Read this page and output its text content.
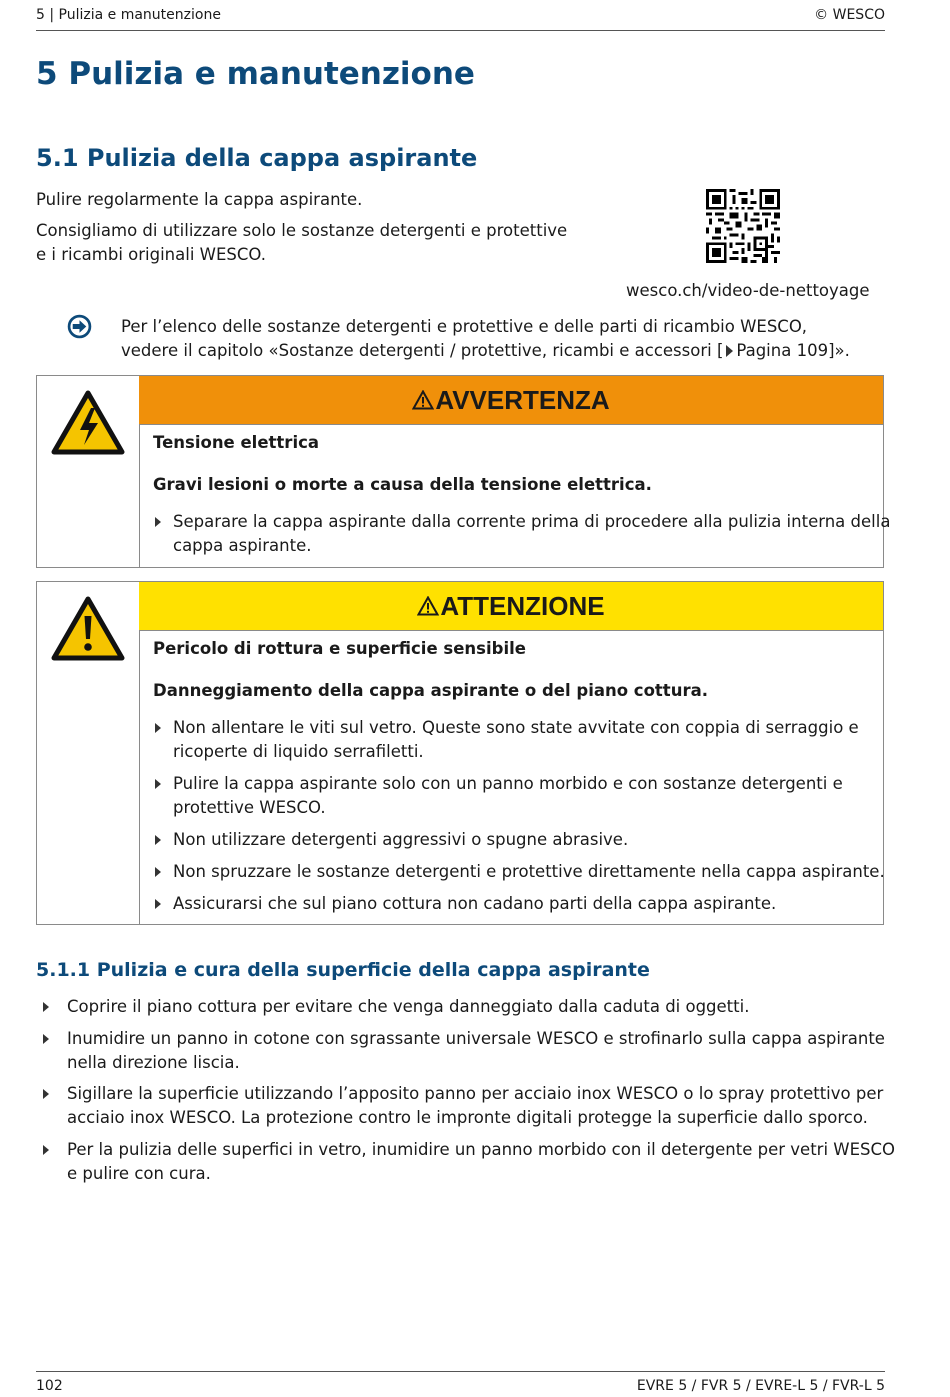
5 | Pulizia e manutenzione	© WESCO
5 Pulizia e manutenzione
5.1 Pulizia della cappa aspirante

Pulire regolarmente la cappa aspirante.

Consigliamo di utilizzare solo le sostanze detergenti e protettive e i ricambi originali WESCO.

wesco.ch/video-de-nettoyage
Per l’elenco delle sostanze detergenti e protettive e delle parti di ricambio WESCO, vedere il capitolo «Sostanze detergenti / protettive, ricambi e accessori [ Pagina 109]».
AVVERTENZA
Tensione elettrica
Gravi lesioni o morte a causa della tensione elettrica.
Separare la cappa aspirante dalla corrente prima di procedere alla pulizia interna della cappa aspirante.
ATTENZIONE
Pericolo di rottura e superficie sensibile
Danneggiamento della cappa aspirante o del piano cottura.
Non allentare le viti sul vetro. Queste sono state avvitate con coppia di serraggio e ricoperte di liquido serrafiletti.
Pulire la cappa aspirante solo con un panno morbido e con sostanze detergenti e protettive WESCO.
Non utilizzare detergenti aggressivi o spugne abrasive.
Non spruzzare le sostanze detergenti e protettive direttamente nella cappa aspirante.
Assicurarsi che sul piano cottura non cadano parti della cappa aspirante.
5.1.1 Pulizia e cura della superficie della cappa aspirante
Coprire il piano cottura per evitare che venga danneggiato dalla caduta di oggetti.
Inumidire un panno in cotone con sgrassante universale WESCO e strofinarlo sulla cappa aspirante nella direzione liscia.
Sigillare la superficie utilizzando l’apposito panno per acciaio inox WESCO o lo spray protettivo per acciaio inox WESCO. La protezione contro le impronte digitali protegge la superficie dallo sporco.
Per la pulizia delle superfici in vetro, inumidire un panno morbido con il detergente per vetri WESCO e pulire con cura.
102	EVRE 5 / FVR 5 / EVRE-L 5 / FVR-L 5
